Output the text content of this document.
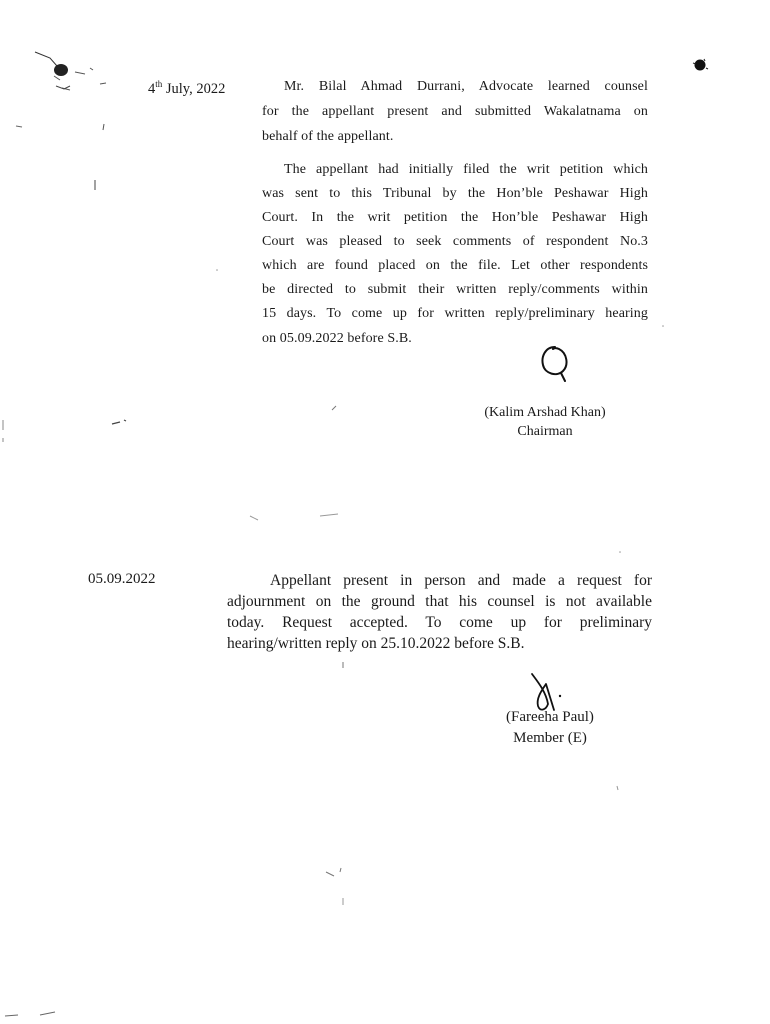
4th July, 2022	Mr. Bilal Ahmad Durrani, Advocate learned counsel
for the appellant present and submitted Wakalatnama on
behalf of the appellant.
The appellant had initially filed the writ petition which
was sent to this Tribunal by the Hon’ble Peshawar High
Court. In the writ petition the Hon’ble Peshawar High
Court was pleased to seek comments of respondent No.3
which are found placed on the file. Let other respondents
be directed to submit their written reply/comments within
15 days. To come up for written reply/preliminary hearing
on 05.09.2022 before S.B.
(Kalim Arshad Khan)
Chairman
05.09.2022	Appellant present in person and made a request for
adjournment on the ground that his counsel is not available
today. Request accepted. To come up for preliminary
hearing/written reply on 25.10.2022 before S.B.
(Fareeha Paul)
Member (E)
